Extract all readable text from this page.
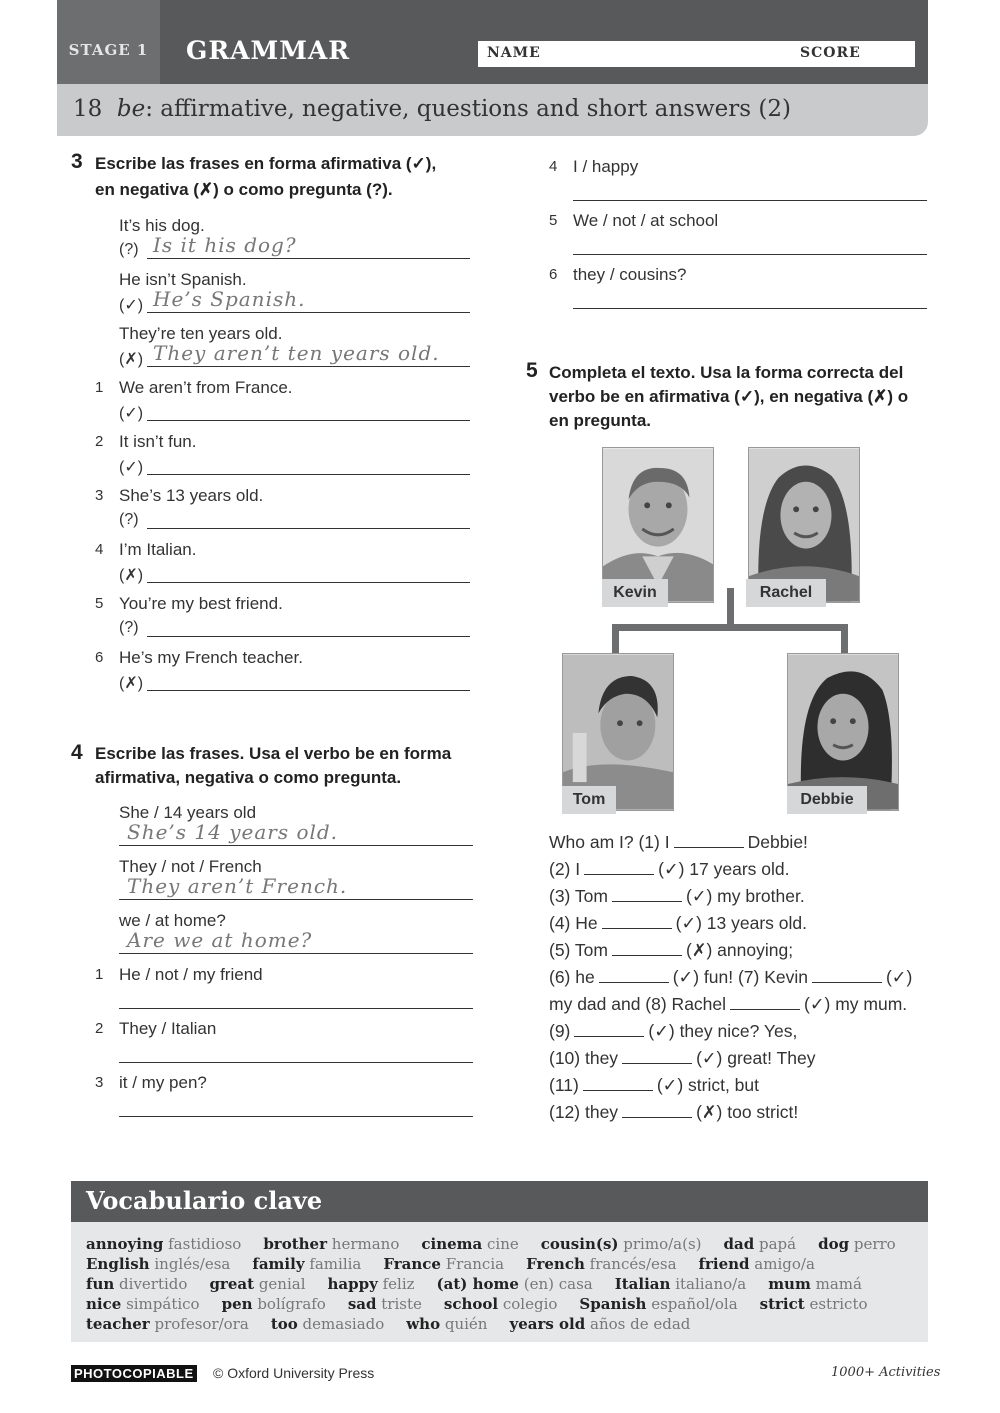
STAGE 1	GRAMMAR	NAME	SCORE
18 be: affirmative, negative, questions and short answers (2)
3 Escribe las frases en forma afirmativa (✓),
en negativa (✗) o como pregunta (?).
4 Escribe las frases. Usa el verbo be en forma
afirmativa, negativa o como pregunta.
5 Completa el texto. Usa la forma correcta del
verbo be en afirmativa (✓), en negativa (✗) o
en pregunta.
Kevin	Rachel
Tom	Debbie
Vocabulario clave
PHOTOCOPIABLE © Oxford University Press	1000+ Activities
It’s his dog.
(?) Is it his dog?
He isn’t Spanish.
(✓) He’s Spanish.
They’re ten years old.
(✗) They aren’t ten years old.
1 We aren’t from France.
(✓)
2 It isn’t fun.
(✓)
3 She’s 13 years old.
(?)
4 I’m Italian.
(✗)
5 You’re my best friend.
(?)
6 He’s my French teacher.
(✗)
She / 14 years old
She’s 14 years old.
They / not / French
They aren’t French.
we / at home?
Are we at home?
1 He / not / my friend
2 They / Italian
3 it / my pen?
4 I / happy
5 We / not / at school
6 they / cousins?
Who am I? (1) I	Debbie!
(2) I	(✓) 17 years old.
(3) Tom	(✓) my brother.
(4) He	(✓) 13 years old.
(5) Tom	(✗) annoying;
(6) he	(✓) fun! (7) Kevin	(✓)
my dad and (8) Rachel	(✓) my mum.
(9)	(✓) they nice? Yes,
(10) they	(✓) great! They
(11)	(✓) strict, but
(12) they	(✗) too strict!
annoying fastidioso brother hermano cinema cine cousin(s) primo/a(s) dad papá dog perro
English inglés/esa family familia France Francia French francés/esa friend amigo/a
fun divertido great genial happy feliz (at) home (en) casa Italian italiano/a mum mamá
nice simpático pen bolígrafo sad triste school colegio Spanish español/ola strict estricto
teacher profesor/ora too demasiado who quién years old años de edad
